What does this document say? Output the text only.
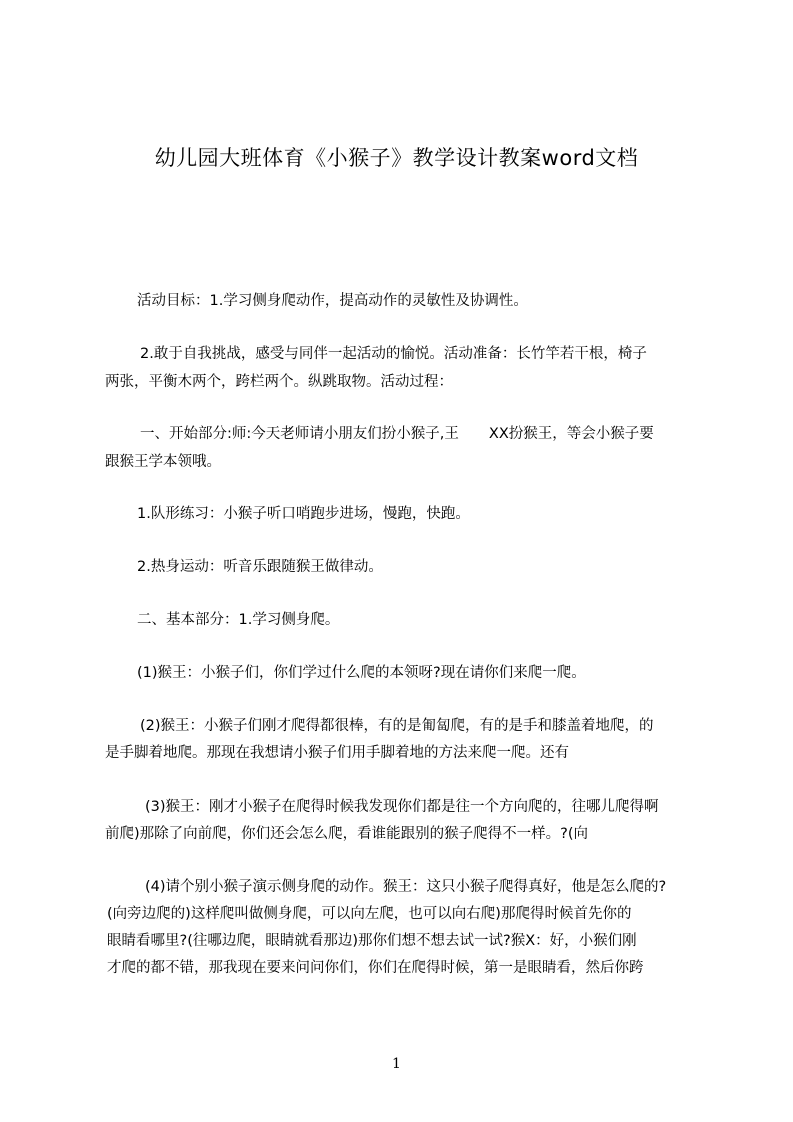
幼儿园大班体育《小猴子》教学设计教案word文档
活动目标：1.学习侧身爬动作，提高动作的灵敏性及协调性。
2.敢于自我挑战，感受与同伴一起活动的愉悦。活动准备：长竹竿若干根，椅子
两张，平衡木两个，跨栏两个。纵跳取物。活动过程：
一、开始部分:师:今天老师请小朋友们扮小猴子,王 XX扮猴王，等会小猴子要
跟猴王学本领哦。
1.队形练习：小猴子听口哨跑步进场，慢跑，快跑。
2.热身运动：听音乐跟随猴王做律动。
二、基本部分：1.学习侧身爬。
(1)猴王：小猴子们，你们学过什么爬的本领呀?现在请你们来爬一爬。
(2)猴王：小猴子们刚才爬得都很棒，有的是匍匐爬，有的是手和膝盖着地爬，的
是手脚着地爬。那现在我想请小猴子们用手脚着地的方法来爬一爬。还有
(3)猴王：刚才小猴子在爬得时候我发现你们都是往一个方向爬的，往哪儿爬得啊
前爬)那除了向前爬，你们还会怎么爬，看谁能跟别的猴子爬得不一样。?(向
(4)请个别小猴子演示侧身爬的动作。猴王：这只小猴子爬得真好，他是怎么爬的?
(向旁边爬的)这样爬叫做侧身爬，可以向左爬，也可以向右爬)那爬得时候首先你的
眼睛看哪里?(往哪边爬，眼睛就看那边)那你们想不想去试一试?猴X：好，小猴们刚
才爬的都不错，那我现在要来问问你们，你们在爬得时候，第一是眼睛看，然后你跨
1
